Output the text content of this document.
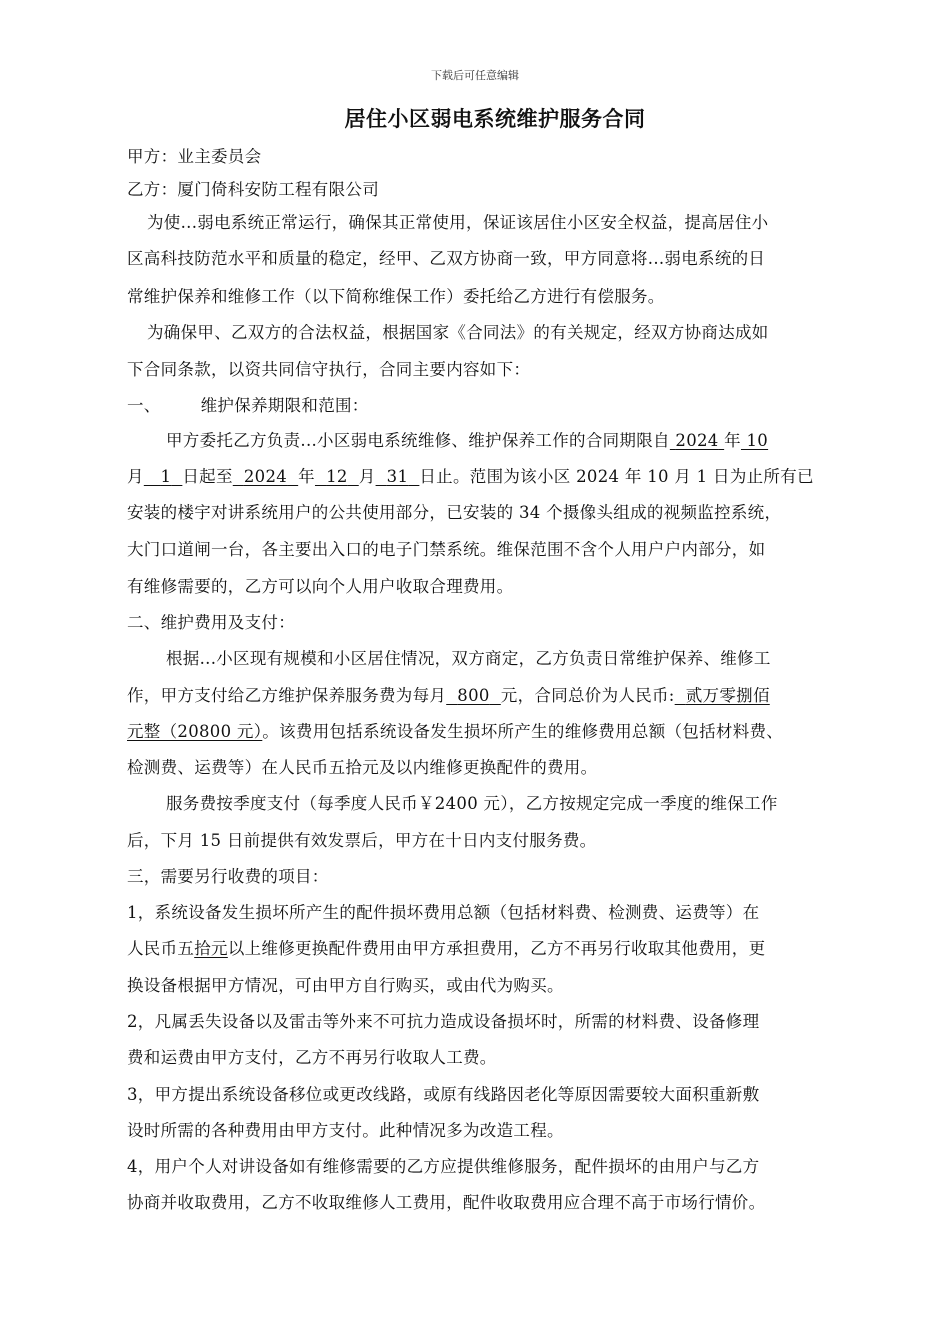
下载后可任意编辑
居住小区弱电系统维护服务合同
甲方：业主委员会
乙方：厦门倚科安防工程有限公司
为使...弱电系统正常运行，确保其正常使用，保证该居住小区安全权益，提高居住小
区高科技防范水平和质量的稳定，经甲、乙双方协商一致，甲方同意将...弱电系统的日
常维护保养和维修工作（以下简称维保工作）委托给乙方进行有偿服务。
为确保甲、乙双方的合法权益，根据国家《合同法》的有关规定，经双方协商达成如
下合同条款，以资共同信守执行，合同主要内容如下：
一、 维护保养期限和范围：
甲方委托乙方负责...小区弱电系统维修、维护保养工作的合同期限自 2024 年 10
月 1 日起至 2024 年 12 月 31 日止。范围为该小区 2024 年 10 月 1 日为止所有已
安装的楼宇对讲系统用户的公共使用部分，已安装的 34 个摄像头组成的视频监控系统，
大门口道闸一台，各主要出入口的电子门禁系统。维保范围不含个人用户户内部分，如
有维修需要的，乙方可以向个人用户收取合理费用。
二、维护费用及支付：
根据...小区现有规模和小区居住情况，双方商定，乙方负责日常维护保养、维修工
作，甲方支付给乙方维护保养服务费为每月 800 元，合同总价为人民币: 贰万零捌佰
元整（20800 元）。该费用包括系统设备发生损坏所产生的维修费用总额（包括材料费、
检测费、运费等）在人民币五拾元及以内维修更换配件的费用。
服务费按季度支付（每季度人民币￥2400 元），乙方按规定完成一季度的维保工作
后，下月 15 日前提供有效发票后，甲方在十日内支付服务费。
三，需要另行收费的项目：
1，系统设备发生损坏所产生的配件损坏费用总额（包括材料费、检测费、运费等）在
人民币五拾元以上维修更换配件费用由甲方承担费用，乙方不再另行收取其他费用，更
换设备根据甲方情况，可由甲方自行购买，或由代为购买。
2，凡属丢失设备以及雷击等外来不可抗力造成设备损坏时，所需的材料费、设备修理
费和运费由甲方支付，乙方不再另行收取人工费。
3，甲方提出系统设备移位或更改线路，或原有线路因老化等原因需要较大面积重新敷
设时所需的各种费用由甲方支付。此种情况多为改造工程。
4，用户个人对讲设备如有维修需要的乙方应提供维修服务，配件损坏的由用户与乙方
协商并收取费用，乙方不收取维修人工费用，配件收取费用应合理不高于市场行情价。
